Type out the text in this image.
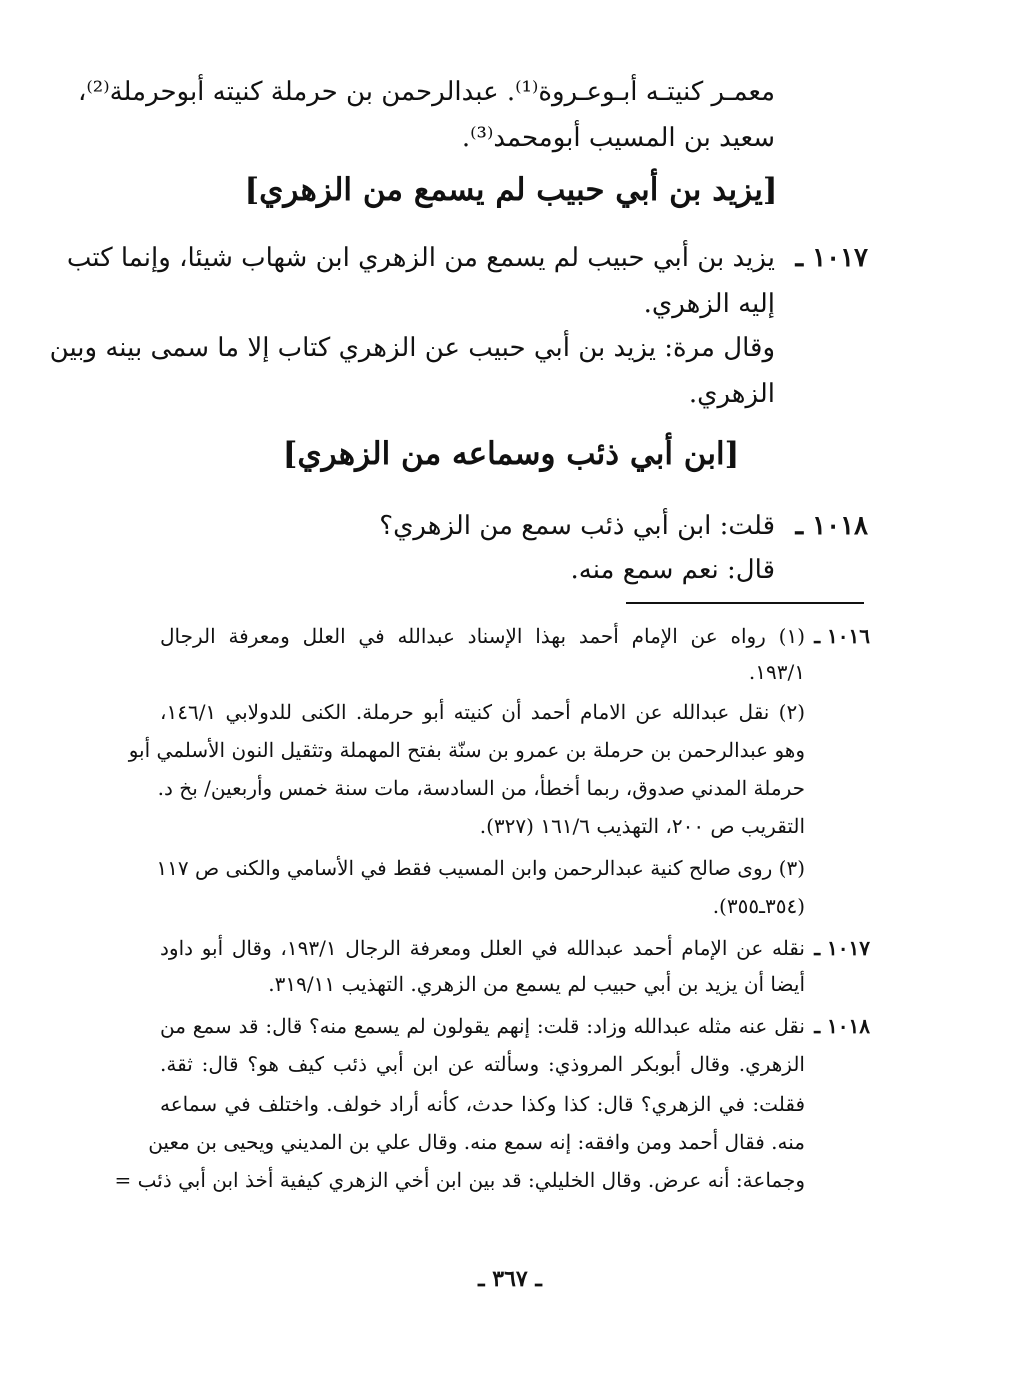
معمـر كنيتـه أبـوعـروة⁽¹⁾. عبدالرحمن بن حرملة كنيته أبوحرملة⁽²⁾،

سعيد بن المسيب أبومحمد⁽³⁾.

[يزيد بن أبي حبيب لم يسمع من الزهري]
١٠١٧ ـ

يزيد بن أبي حبيب لم يسمع من الزهري ابن شهاب شيئا، وإنما كتب

إليه الزهري.

وقال مرة: يزيد بن أبي حبيب عن الزهري كتاب إلا ما سمى بينه وبين

الزهري.

[ابن أبي ذئب وسماعه من الزهري]
١٠١٨ ـ

قلت: ابن أبي ذئب سمع من الزهري؟

قال: نعم سمع منه.

١٠١٦ ـ

(١) رواه عن الإمام أحمد بهذا الإسناد عبدالله في العلل ومعرفة الرجال

١٩٣/١.

(٢) نقل عبدالله عن الامام أحمد أن كنيته أبو حرملة. الكنى للدولابي ١٤٦/١،

وهو عبدالرحمن بن حرملة بن عمرو بن سنّة بفتح المهملة وتثقيل النون الأسلمي أبو

حرملة المدني صدوق، ربما أخطأ، من السادسة، مات سنة خمس وأربعين/ بخ د.

التقريب ص ٢٠٠، التهذيب ١٦١/٦ (٣٢٧).

(٣) روى صالح كنية عبدالرحمن وابن المسيب فقط في الأسامي والكنى ص ١١٧

(٣٥٤ـ٣٥٥).

١٠١٧ ـ

نقله عن الإمام أحمد عبدالله في العلل ومعرفة الرجال ١٩٣/١، وقال أبو داود

أيضا أن يزيد بن أبي حبيب لم يسمع من الزهري. التهذيب ٣١٩/١١.

١٠١٨ ـ

نقل عنه مثله عبدالله وزاد: قلت: إنهم يقولون لم يسمع منه؟ قال: قد سمع من

الزهري. وقال أبوبكر المروذي: وسألته عن ابن أبي ذئب كيف هو؟ قال: ثقة.

فقلت: في الزهري؟ قال: كذا وكذا حدث، كأنه أراد خولف. واختلف في سماعه

منه. فقال أحمد ومن وافقه: إنه سمع منه. وقال علي بن المديني ويحيى بن معين

وجماعة: أنه عرض. وقال الخليلي: قد بين ابن أخي الزهري كيفية أخذ ابن أبي ذئب =

ـ ٣٦٧ ـ
